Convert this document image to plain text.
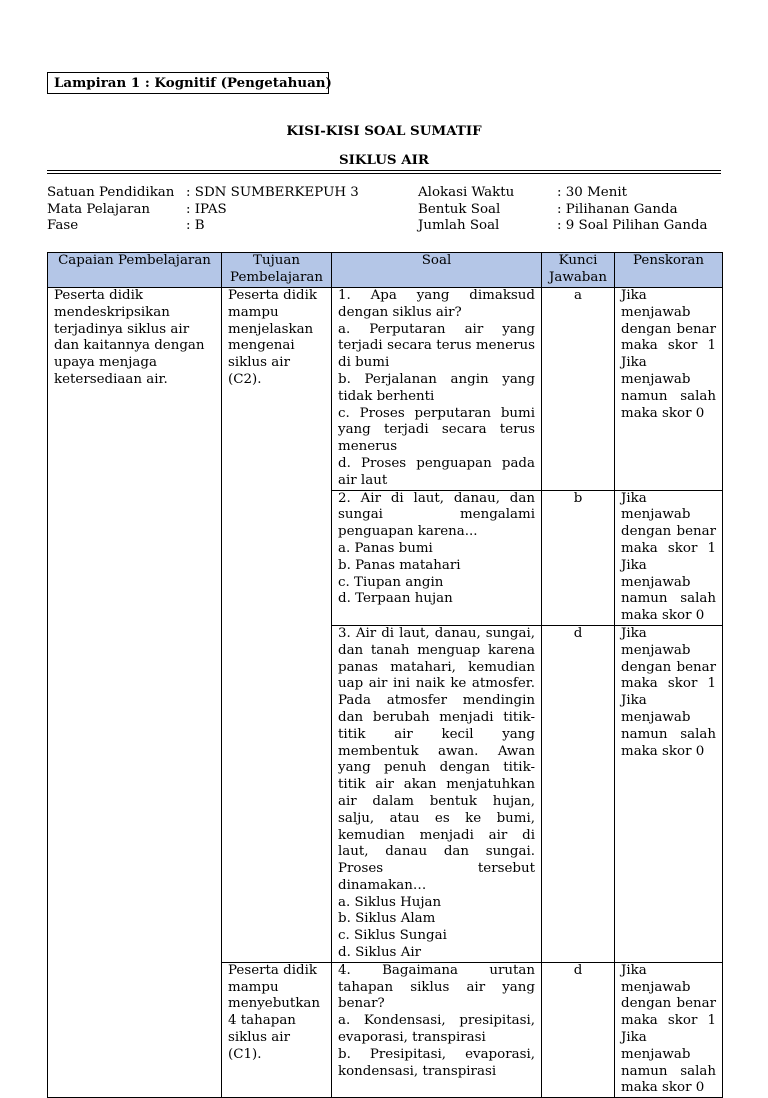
Lampiran 1 : Kognitif (Pengetahuan)
KISI-KISI SOAL SUMATIF
SIKLUS AIR
Satuan Pendidikan : SDN SUMBERKEPUH 3
Mata Pelajaran	: IPAS
Fase	: B
Alokasi Waktu	: 30 Menit
Bentuk Soal	: Pilihanan Ganda
Jumlah Soal	: 9 Soal Pilihan Ganda
Capaian Pembelajaran	Tujuan Pembelajaran	Soal	Kunci Jawaban	Penskoran
Peserta didik mendeskripsikan terjadinya siklus air dan kaitannya dengan upaya menjaga ketersediaan air.	Peserta didik mampu menjelaskan mengenai siklus air (C2).	1. Apa yang dimaksud dengan siklus air?
a. Perputaran air yang terjadi secara terus menerus di bumi
b. Perjalanan angin yang tidak berhenti
c. Proses perputaran bumi yang terjadi secara terus menerus
d. Proses penguapan pada air laut	a	Jika menjawab dengan benar maka skor 1 Jika menjawab namun salah maka skor 0

		2. Air di laut, danau, dan sungai mengalami penguapan karena...
a. Panas bumi
b. Panas matahari
c. Tiupan angin
d. Terpaan hujan	b	Jika menjawab dengan benar maka skor 1 Jika menjawab namun salah maka skor 0

		3. Air di laut, danau, sungai, dan tanah menguap karena panas matahari, kemudian uap air ini naik ke atmosfer. Pada atmosfer mendingin dan berubah menjadi titik-titik air kecil yang membentuk awan. Awan yang penuh dengan titik-titik air akan menjatuhkan air dalam bentuk hujan, salju, atau es ke bumi, kemudian menjadi air di laut, danau dan sungai. Proses tersebut dinamakan…
a. Siklus Hujan
b. Siklus Alam
c. Siklus Sungai
d. Siklus Air	d	Jika menjawab dengan benar maka skor 1 Jika menjawab namun salah maka skor 0
	Peserta didik mampu menyebutkan 4 tahapan siklus air (C1).	4. Bagaimana urutan tahapan siklus air yang benar?
a. Kondensasi, presipitasi, evaporasi, transpirasi
b. Presipitasi, evaporasi, kondensasi, transpirasi	d	Jika menjawab dengan benar maka skor 1 Jika menjawab namun salah maka skor 0
